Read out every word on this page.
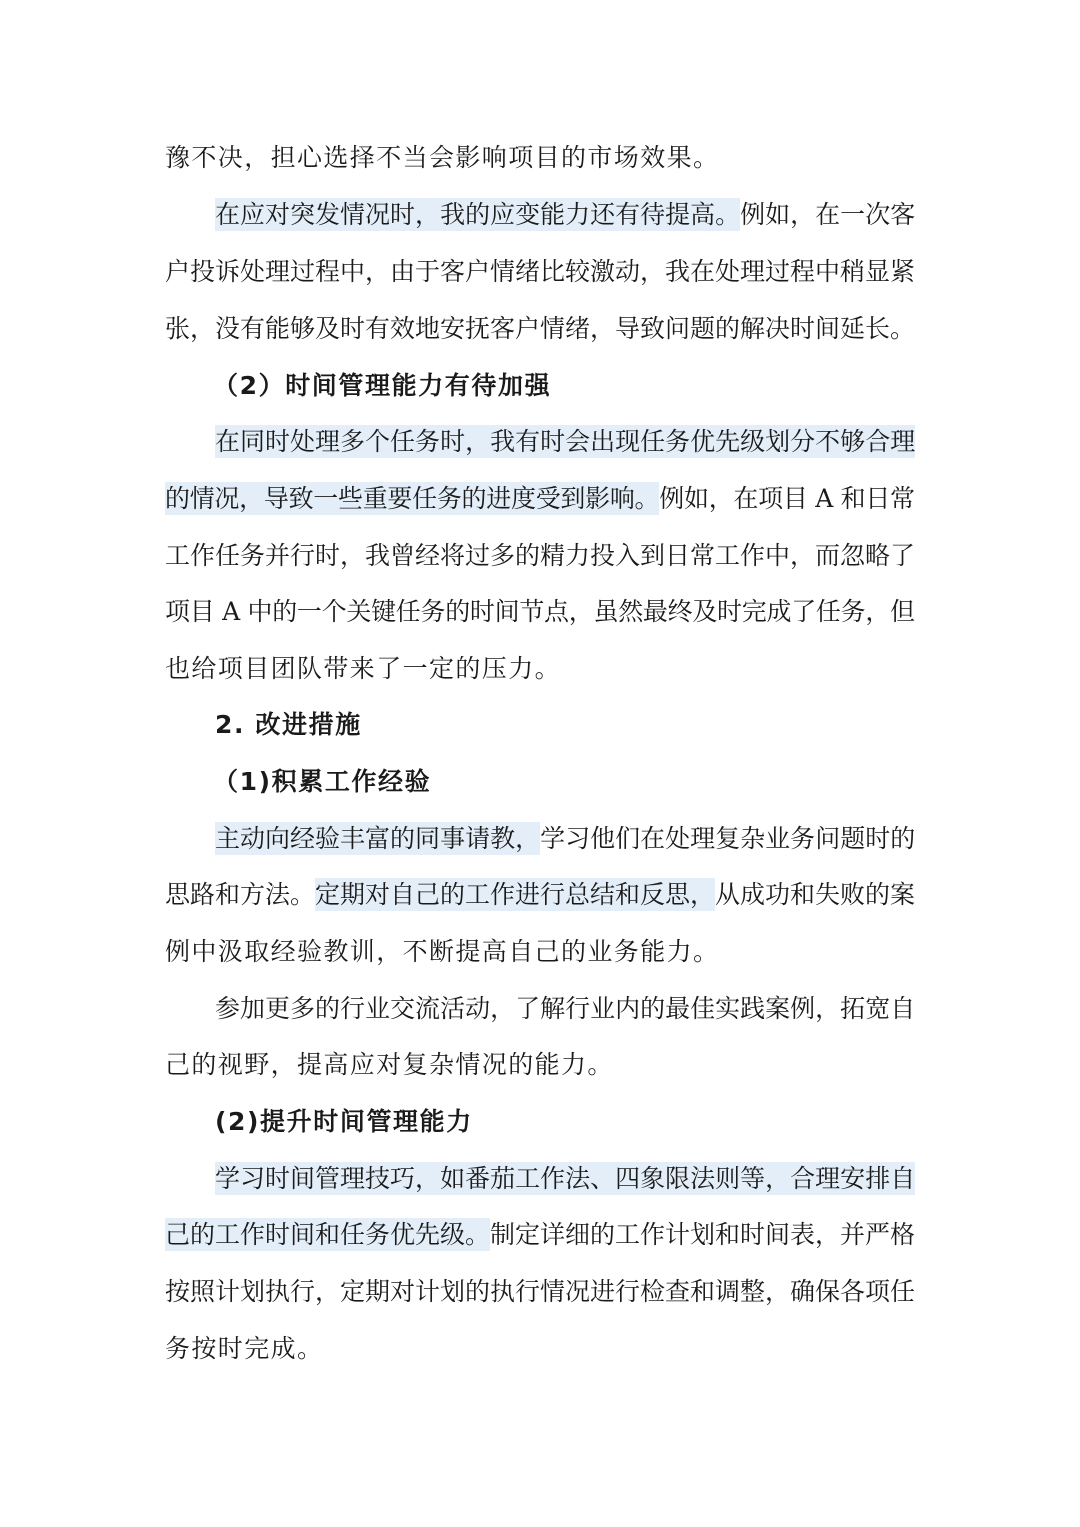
豫不决，担心选择不当会影响项目的市场效果。
在应对突发情况时，我的应变能力还有待提高。例如，在一次客
户投诉处理过程中，由于客户情绪比较激动，我在处理过程中稍显紧
张，没有能够及时有效地安抚客户情绪，导致问题的解决时间延长。
（2）时间管理能力有待加强
在同时处理多个任务时，我有时会出现任务优先级划分不够合理
的情况，导致一些重要任务的进度受到影响。例如，在项目 A 和日常
工作任务并行时，我曾经将过多的精力投入到日常工作中，而忽略了
项目 A 中的一个关键任务的时间节点，虽然最终及时完成了任务，但
也给项目团队带来了一定的压力。
2. 改进措施
（1)积累工作经验
主动向经验丰富的同事请教，学习他们在处理复杂业务问题时的
思路和方法。定期对自己的工作进行总结和反思，从成功和失败的案
例中汲取经验教训，不断提高自己的业务能力。
参加更多的行业交流活动，了解行业内的最佳实践案例，拓宽自
己的视野，提高应对复杂情况的能力。
(2)提升时间管理能力
学习时间管理技巧，如番茄工作法、四象限法则等，合理安排自
己的工作时间和任务优先级。制定详细的工作计划和时间表，并严格
按照计划执行，定期对计划的执行情况进行检查和调整，确保各项任
务按时完成。
